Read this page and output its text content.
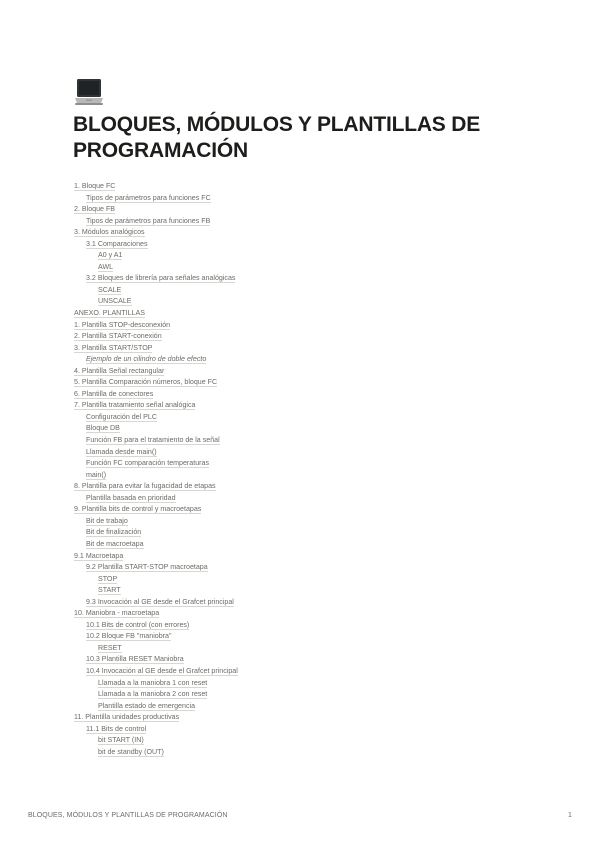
BLOQUES, MÓDULOS Y PLANTILLAS DE PROGRAMACIÓN
1. Bloque FC
Tipos de parámetros para funciones FC
2. Bloque FB
Tipos de parámetros para funciones FB
3. Módulos analógicos
3.1 Comparaciones
A0 y A1
AWL
3.2 Bloques de librería para señales analógicas
SCALE
UNSCALE
ANEXO. PLANTILLAS
1. Plantilla STOP-desconexión
2. Plantilla START-conexión
3. Plantilla START/STOP
Ejemplo de un cilindro de doble efecto
4. Plantilla Señal rectangular
5. Plantilla Comparación números, bloque FC
6. Plantilla de conectores
7. Plantilla tratamiento señal analógica
Configuración del PLC
Bloque DB
Función FB para el tratamiento de la señal
Llamada desde main()
Función FC comparación temperaturas
main()
8. Plantilla para evitar la fugacidad de etapas
Plantilla basada en prioridad
9. Plantilla bits de control y macroetapas
Bit de trabajo
Bit de finalización
Bit de macroetapa
9.1 Macroetapa
9.2 Plantilla START-STOP macroetapa
STOP
START
9.3 Invocación al GE desde el Grafcet principal
10. Maniobra - macroetapa
10.1 Bits de control (con errores)
10.2 Bloque FB "maniobra"
RESET
10.3 Plantilla RESET Maniobra
10.4 Invocación al GE desde el Grafcet principal
Llamada a la maniobra 1 con reset
Llamada a la maniobra 2 con reset
Plantilla estado de emergencia
11. Plantilla unidades productivas
11.1 Bits de control
bit START (IN)
bit de standby (OUT)
BLOQUES, MÓDULOS Y PLANTILLAS DE PROGRAMACIÓN	1
